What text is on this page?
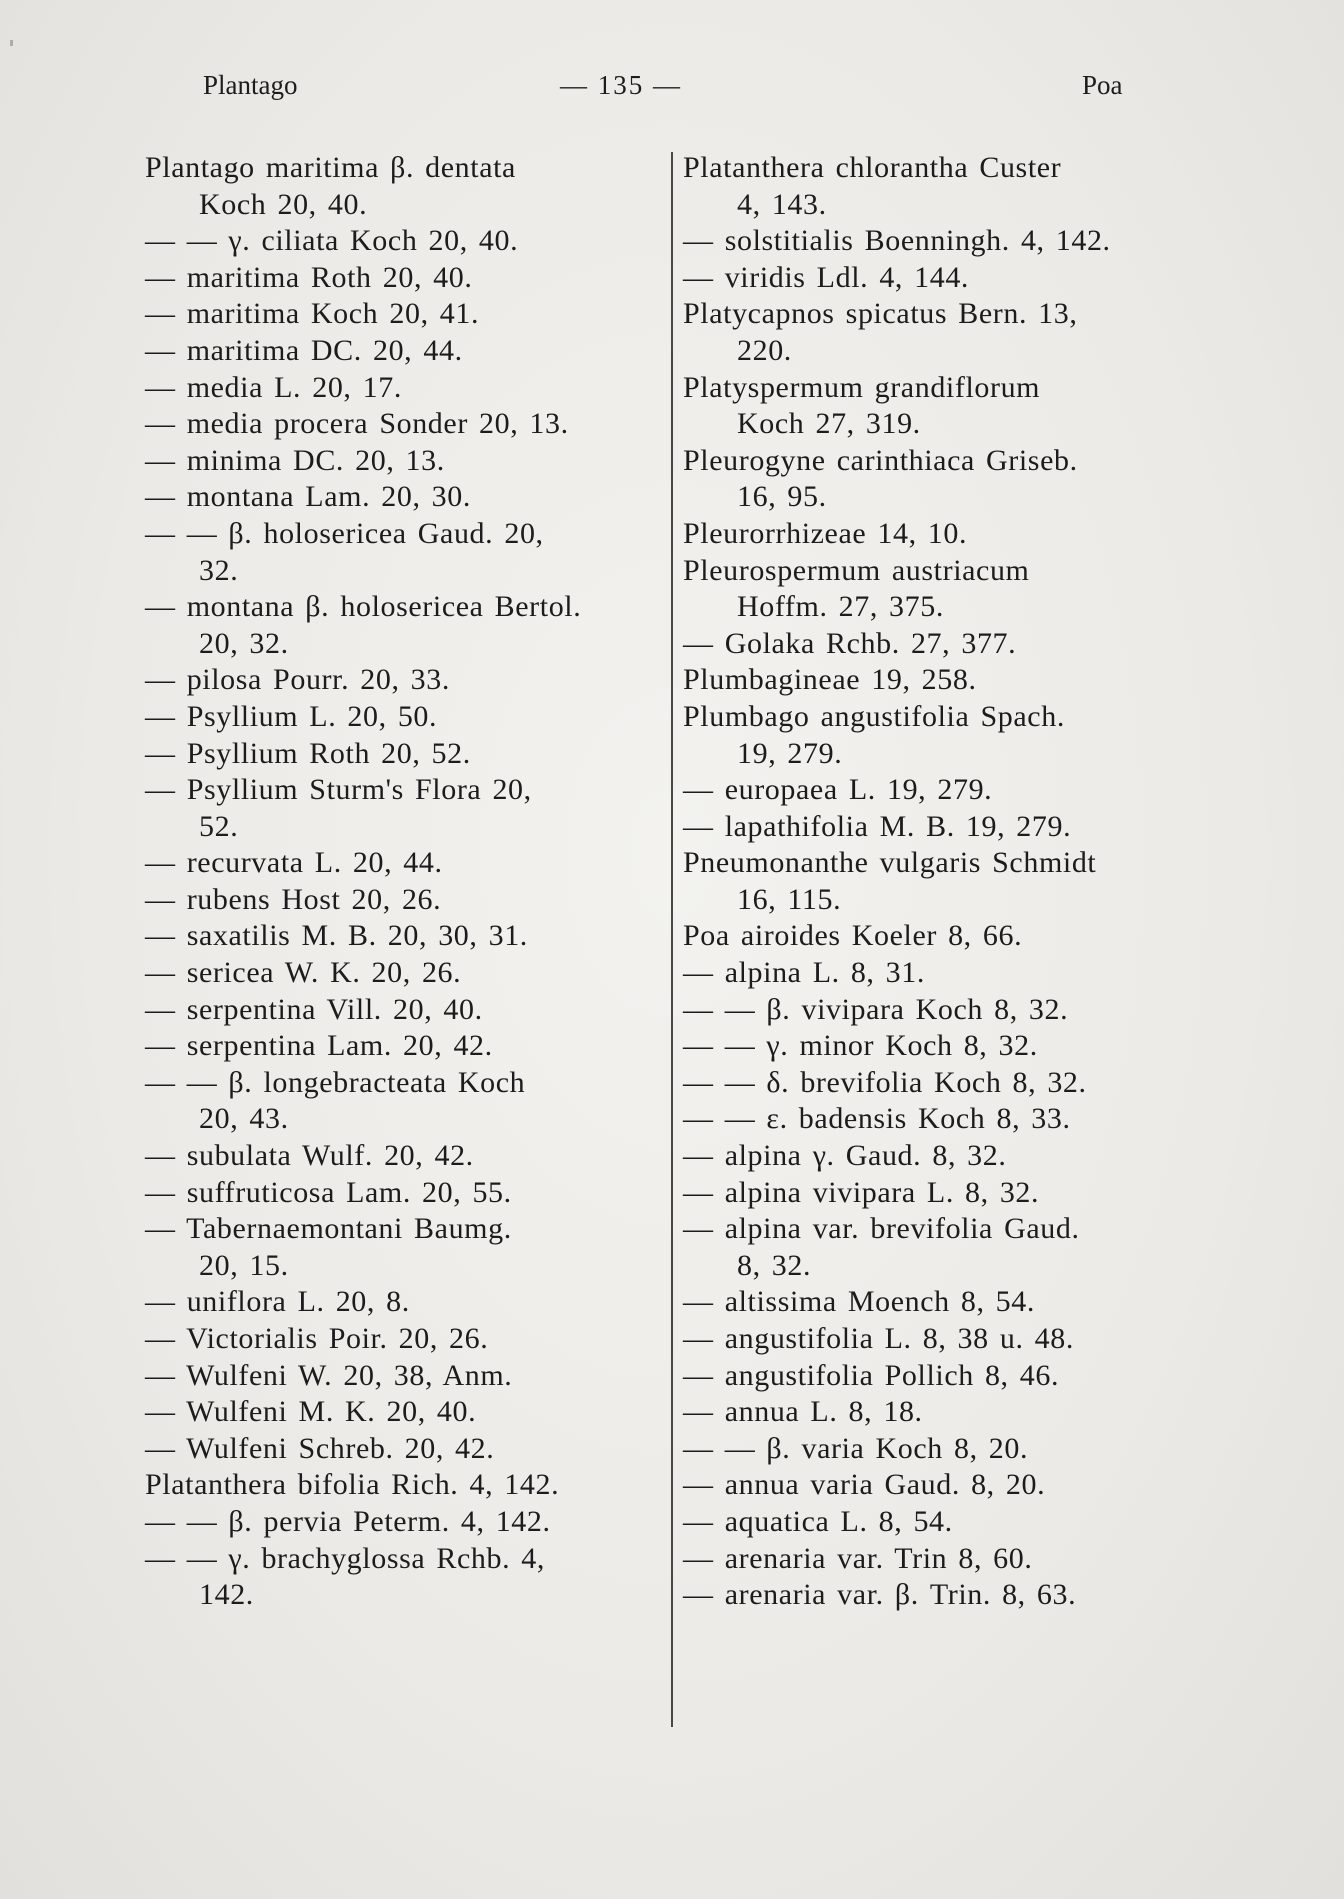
Plantago	— 135 —	Poa
Plantago maritima β. dentata
Koch 20, 40.
— — γ. ciliata Koch 20, 40.
— maritima Roth 20, 40.
— maritima Koch 20, 41.
— maritima DC. 20, 44.
— media L. 20, 17.
— media procera Sonder 20, 13.
— minima DC. 20, 13.
— montana Lam. 20, 30.
— — β. holosericea Gaud. 20,
32.
— montana β. holosericea Bertol.
20, 32.
— pilosa Pourr. 20, 33.
— Psyllium L. 20, 50.
— Psyllium Roth 20, 52.
— Psyllium Sturm's Flora 20,
52.
— recurvata L. 20, 44.
— rubens Host 20, 26.
— saxatilis M. B. 20, 30, 31.
— sericea W. K. 20, 26.
— serpentina Vill. 20, 40.
— serpentina Lam. 20, 42.
— — β. longebracteata Koch
20, 43.
— subulata Wulf. 20, 42.
— suffruticosa Lam. 20, 55.
— Tabernaemontani Baumg.
20, 15.
— uniflora L. 20, 8.
— Victorialis Poir. 20, 26.
— Wulfeni W. 20, 38, Anm.
— Wulfeni M. K. 20, 40.
— Wulfeni Schreb. 20, 42.
Platanthera bifolia Rich. 4, 142.
— — β. pervia Peterm. 4, 142.
— — γ. brachyglossa Rchb. 4,
142.
Platanthera chlorantha Custer
4, 143.
— solstitialis Boenningh. 4, 142.
— viridis Ldl. 4, 144.
Platycapnos spicatus Bern. 13,
220.
Platyspermum grandiflorum
Koch 27, 319.
Pleurogyne carinthiaca Griseb.
16, 95.
Pleurorrhizeae 14, 10.
Pleurospermum austriacum
Hoffm. 27, 375.
— Golaka Rchb. 27, 377.
Plumbagineae 19, 258.
Plumbago angustifolia Spach.
19, 279.
— europaea L. 19, 279.
— lapathifolia M. B. 19, 279.
Pneumonanthe vulgaris Schmidt
16, 115.
Poa airoides Koeler 8, 66.
— alpina L. 8, 31.
— — β. vivipara Koch 8, 32.
— — γ. minor Koch 8, 32.
— — δ. brevifolia Koch 8, 32.
— — ε. badensis Koch 8, 33.
— alpina γ. Gaud. 8, 32.
— alpina vivipara L. 8, 32.
— alpina var. brevifolia Gaud.
8, 32.
— altissima Moench 8, 54.
— angustifolia L. 8, 38 u. 48.
— angustifolia Pollich 8, 46.
— annua L. 8, 18.
— — β. varia Koch 8, 20.
— annua varia Gaud. 8, 20.
— aquatica L. 8, 54.
— arenaria var. Trin 8, 60.
— arenaria var. β. Trin. 8, 63.
